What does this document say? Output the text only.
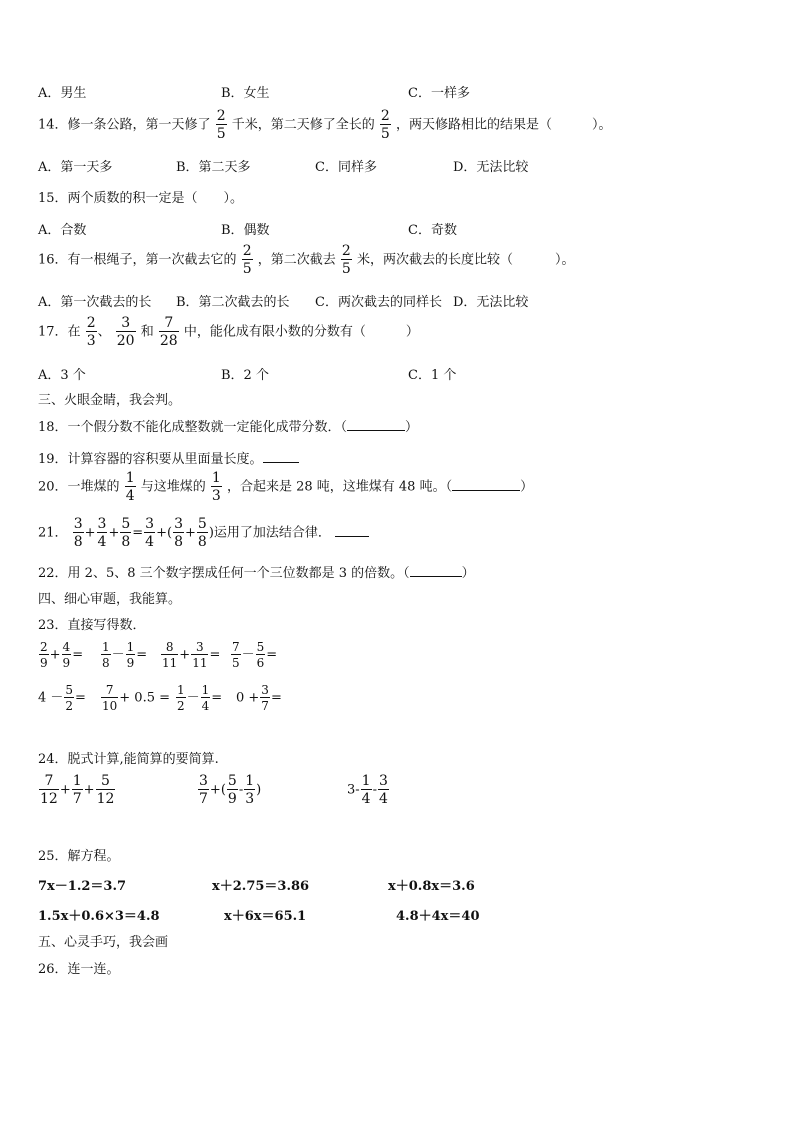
A．男生	B．女生	C．一样多
14．修一条公路，第一天修了 $\frac{2}{5}$ 千米，第二天修了全长的 $\frac{2}{5}$ ，两天修路相比的结果是（	）。
A．第一天多	B．第二天多	C．同样多	D．无法比较
15．两个质数的积一定是（　　）。
A．合数	B．偶数	C．奇数
16．有一根绳子，第一次截去它的 $\frac{2}{5}$ ，第二次截去 $\frac{2}{5}$ 米，两次截去的长度比较（	）。
A．第一次截去的长 B．第二次截去的长 C．两次截去的同样长 D．无法比较
17．在 $\frac{2}{3}$ 、 $\frac{3}{20}$ 和 $\frac{7}{28}$ 中，能化成有限小数的分数有（	）
A．3 个	B．2 个	C．1 个
三、火眼金睛，我会判。
18．一个假分数不能化成整数就一定能化成带分数．（	）
19．计算容器的容积要从里面量长度。
20．一堆煤的 $\frac{1}{4}$ 与这堆煤的 $\frac{1}{3}$ ，合起来是 28 吨，这堆煤有 48 吨。（	）
21． $\frac{3}{8} + \frac{3}{4} + \frac{5}{8} = \frac{3}{4}$ +( $\frac{3}{8} + \frac{5}{8}$ )运用了加法结合律．
22．用 2、5、8 三个数字摆成任何一个三位数都是 3 的倍数。（	）
四、细心审题，我能算。
23．直接写得数．
$\frac{2}{9} + \frac{4}{9} = \frac{1}{8} - \frac{1}{9} = \frac{8}{11} + \frac{3}{11} = \frac{7}{5} - \frac{5}{6}$ =
$4 - \frac{5}{2} = \frac{7}{10} + 0.5 = \frac{1}{2} - \frac{1}{4} = 0 + \frac{3}{7}$ =
24．脱式计算,能简算的要简算.
$\frac{7}{12} + \frac{1}{7} + \frac{5}{12}$	$\frac{3}{7}$ +( $\frac{5}{9} - \frac{1}{3}$ )	$3- \frac{1}{4} - \frac{3}{4}$
25．解方程。
7x－1.2＝3.7	x＋2.75＝3.86	x＋0.8x＝3.6
1.5x＋0.6×3＝4.8	x＋6x＝65.1	4.8＋4x＝40
五、心灵手巧，我会画
26．连一连。
